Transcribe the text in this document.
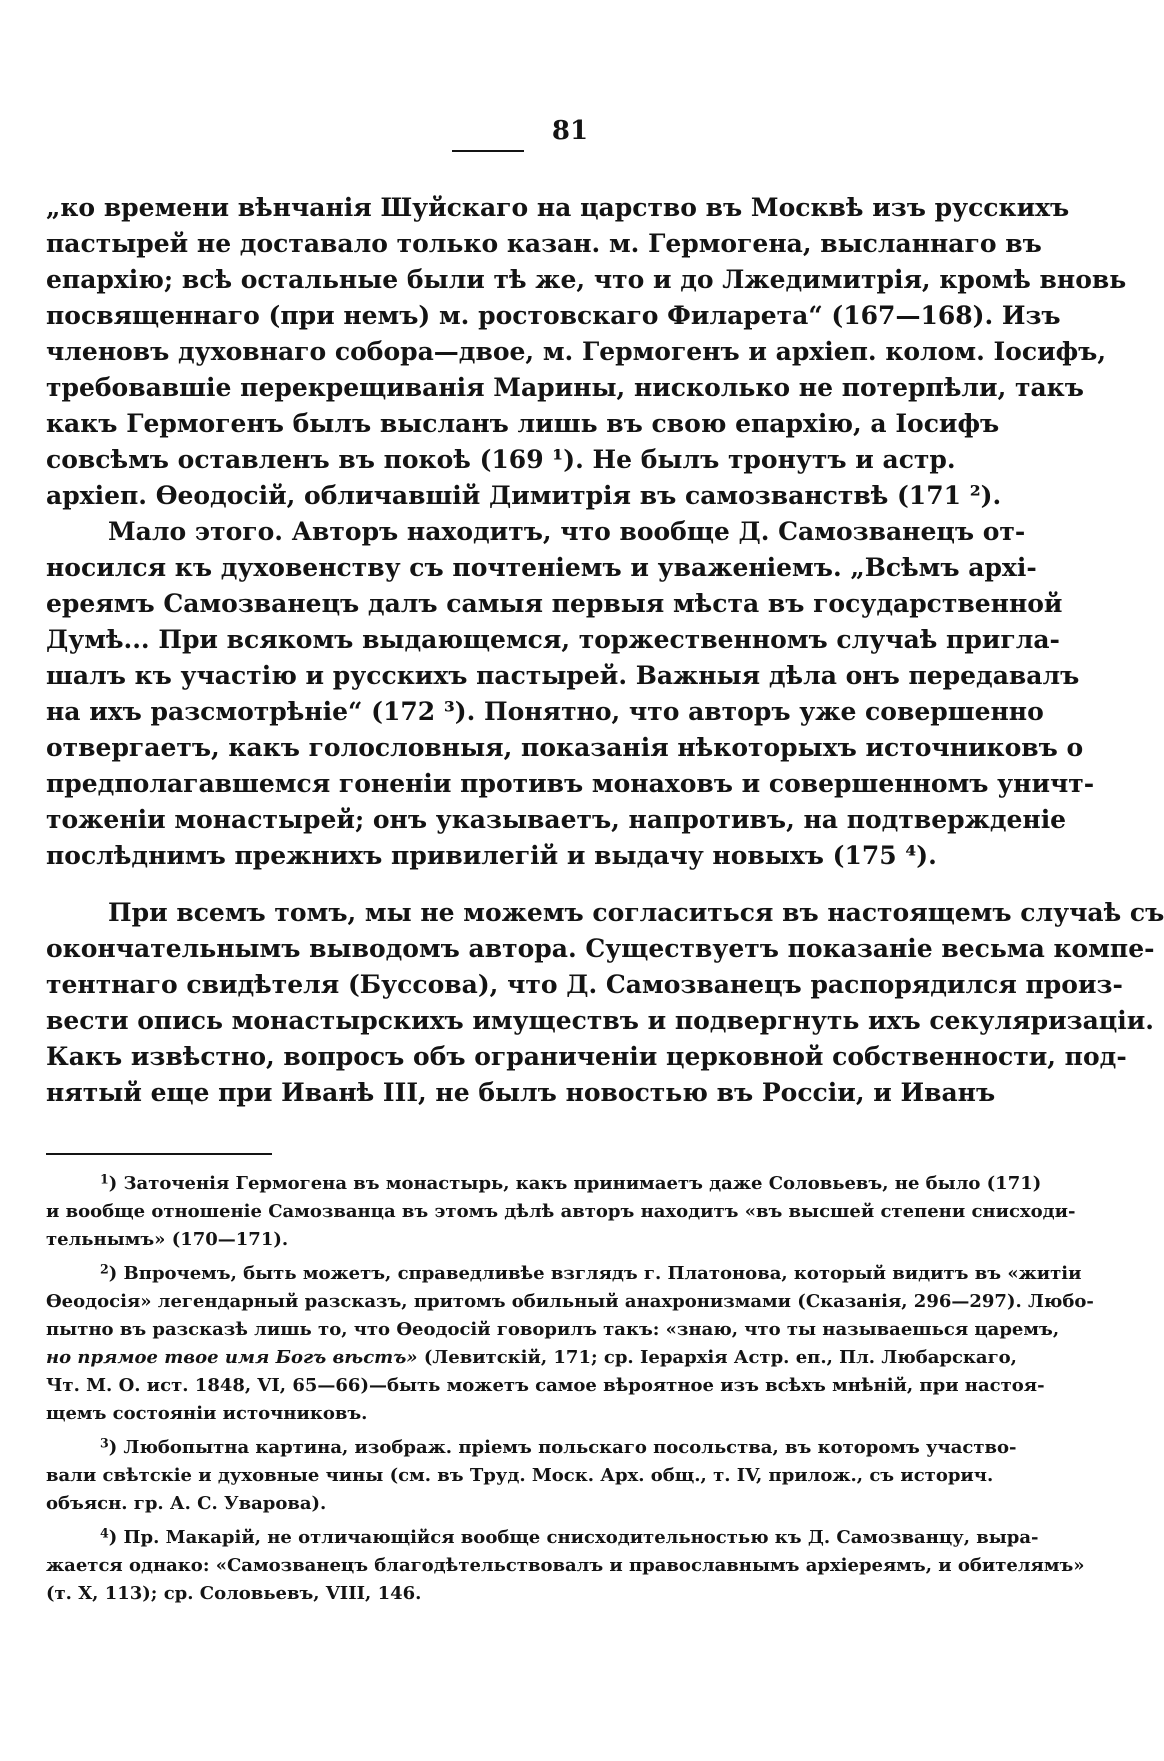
81
„ко времени вѣнчанія Шуйскаго на царство въ Москвѣ изъ русскихъ
пастырей не доставало только казан. м. Гермогена, высланнаго въ
епархію; всѣ остальные были тѣ же, что и до Лжедимитрія, кромѣ вновь
посвященнаго (при немъ) м. ростовскаго Филарета“ (167—168). Изъ
членовъ духовнаго собора—двое, м. Гермогенъ и архіеп. колом. Іосифъ,
требовавшіе перекрещиванія Марины, нисколько не потерпѣли, такъ
какъ Гермогенъ былъ высланъ лишь въ свою епархію, а Іосифъ
совсѣмъ оставленъ въ покоѣ (169 ¹). Не былъ тронутъ и астр.
архіеп. Ѳеодосій, обличавшій Димитрія въ самозванствѣ (171 ²).
Мало этого. Авторъ находитъ, что вообще Д. Самозванецъ от-
носился къ духовенству съ почтеніемъ и уваженіемъ. „Всѣмъ архі-
ереямъ Самозванецъ далъ самыя первыя мѣста въ государственной
Думѣ... При всякомъ выдающемся, торжественномъ случаѣ пригла-
шалъ къ участію и русскихъ пастырей. Важныя дѣла онъ передавалъ
на ихъ разсмотрѣніе“ (172 ³). Понятно, что авторъ уже совершенно
отвергаетъ, какъ голословныя, показанія нѣкоторыхъ источниковъ о
предполагавшемся гоненіи противъ монаховъ и совершенномъ уничт-
тоженіи монастырей; онъ указываетъ, напротивъ, на подтвержденіе
послѣднимъ прежнихъ привилегій и выдачу новыхъ (175 ⁴).
При всемъ томъ, мы не можемъ согласиться въ настоящемъ случаѣ съ
окончательнымъ выводомъ автора. Существуетъ показаніе весьма компе-
тентнаго свидѣтеля (Буссова), что Д. Самозванецъ распорядился произ-
вести опись монастырскихъ имуществъ и подвергнуть ихъ секуляризаціи.
Какъ извѣстно, вопросъ объ ограниченіи церковной собственности, под-
нятый еще при Иванѣ III, не былъ новостью въ Россіи, и Иванъ
$^1$) Заточенія Гермогена въ монастырь, какъ принимаетъ даже Соловьевъ, не было (171)
и вообще отношеніе Самозванца въ этомъ дѣлѣ авторъ находитъ «въ высшей степени снисходи-
тельнымъ» (170—171).
$^2$) Впрочемъ, быть можетъ, справедливѣе взглядъ г. Платонова, который видитъ въ «житіи
Ѳеодосія» легендарный разсказъ, притомъ обильный анахронизмами (Сказанія, 296—297). Любо-
пытно въ разсказѣ лишь то, что Ѳеодосій говорилъ такъ: «знаю, что ты называешься царемъ,
но прямое твое имя Богъ вѣстъ» (Левитскій, 171; ср. Іерархія Астр. еп., Пл. Любарскаго,
Чт. М. О. ист. 1848, VI, 65—66)—быть можетъ самое вѣроятное изъ всѣхъ мнѣній, при настоя-
щемъ состояніи источниковъ.
$^3$) Любопытна картина, изображ. пріемъ польскаго посольства, въ которомъ участво-
вали свѣтскіе и духовные чины (см. въ Труд. Моск. Арх. общ., т. IV, прилож., съ историч.
объясн. гр. А. С. Уварова).
$^4$) Пр. Макарій, не отличающійся вообще снисходительностью къ Д. Самозванцу, выра-
жается однако: «Самозванецъ благодѣтельствовалъ и православнымъ архіереямъ, и обителямъ»
(т. X, 113); ср. Соловьевъ, VIII, 146.
